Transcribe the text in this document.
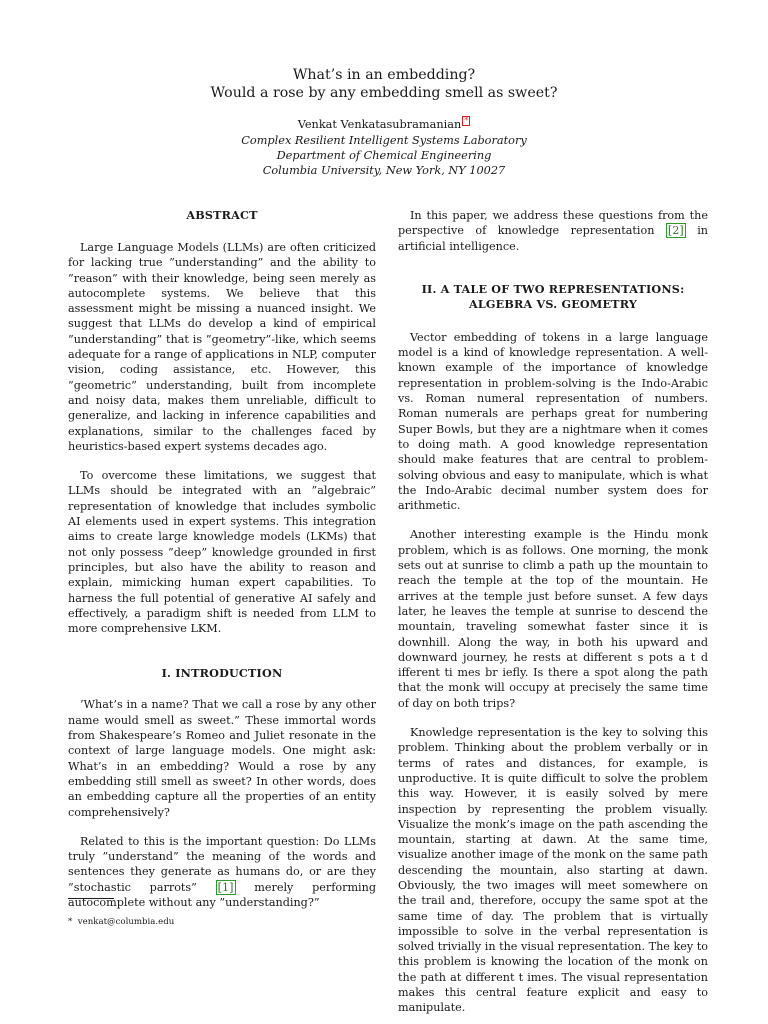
What’s in an embedding?
Would a rose by any embedding smell as sweet?
Venkat Venkatasubramanian *
Complex Resilient Intelligent Systems Laboratory
Department of Chemical Engineering
Columbia University, New York, NY 10027
ABSTRACT

Large Language Models (LLMs) are often criticized for lacking true ”understanding” and the ability to ”reason” with their knowledge, being seen merely as autocomplete systems. We believe that this assessment might be missing a nuanced insight. We suggest that LLMs do develop a kind of empirical ”understanding” that is ”geometry”-like, which seems adequate for a range of applications in NLP, computer vision, coding assistance, etc. However, this ”geometric” understanding, built from incomplete and noisy data, makes them unreliable, difficult to generalize, and lacking in inference capabilities and explanations, similar to the challenges faced by heuristics-based expert systems decades ago.

To overcome these limitations, we suggest that LLMs should be integrated with an ”algebraic” representation of knowledge that includes symbolic AI elements used in expert systems. This integration aims to create large knowledge models (LKMs) that not only possess ”deep” knowledge grounded in first principles, but also have the ability to reason and explain, mimicking human expert capabilities. To harness the full potential of generative AI safely and effectively, a paradigm shift is needed from LLM to more comprehensive LKM.

I. INTRODUCTION

’What’s in a name? That we call a rose by any other name would smell as sweet.” These immortal words from Shakespeare’s Romeo and Juliet resonate in the context of large language models. One might ask: What’s in an embedding? Would a rose by any embedding still smell as sweet? In other words, does an embedding capture all the properties of an entity comprehensively?

Related to this is the important question: Do LLMs truly ”understand” the meaning of the words and sentences they generate as humans do, or are they ”stochastic parrots” [1] merely performing autocomplete without any ”understanding?”

In this paper, we address these questions from the perspective of knowledge representation [2] in artificial intelligence.

II. A TALE OF TWO REPRESENTATIONS:
ALGEBRA VS. GEOMETRY

Vector embedding of tokens in a large language model is a kind of knowledge representation. A well-known example of the importance of knowledge representation in problem-solving is the Indo-Arabic vs. Roman numeral representation of numbers. Roman numerals are perhaps great for numbering Super Bowls, but they are a nightmare when it comes to doing math. A good knowledge representation should make features that are central to problem-solving obvious and easy to manipulate, which is what the Indo-Arabic decimal number system does for arithmetic.

Another interesting example is the Hindu monk problem, which is as follows. One morning, the monk sets out at sunrise to climb a path up the mountain to reach the temple at the top of the mountain. He arrives at the temple just before sunset. A few days later, he leaves the temple at sunrise to descend the mountain, traveling somewhat faster since it is downhill. Along the way, in both his upward and downward journey, he rests at different s pots a t d ifferent ti mes br iefly. Is there a spot along the path that the monk will occupy at precisely the same time of day on both trips?

Knowledge representation is the key to solving this problem. Thinking about the problem verbally or in terms of rates and distances, for example, is unproductive. It is quite difficult to solve the problem this way. However, it is easily solved by mere inspection by representing the problem visually. Visualize the monk’s image on the path ascending the mountain, starting at dawn. At the same time, visualize another image of the monk on the same path descending the mountain, also starting at dawn. Obviously, the two images will meet somewhere on the trail and, therefore, occupy the same spot at the same time of day. The problem that is virtually impossible to solve in the verbal representation is solved trivially in the visual representation. The key to this problem is knowing the location of the monk on the path at different t imes. The visual representation makes this central feature explicit and easy to manipulate.

* venkat@columbia.edu
